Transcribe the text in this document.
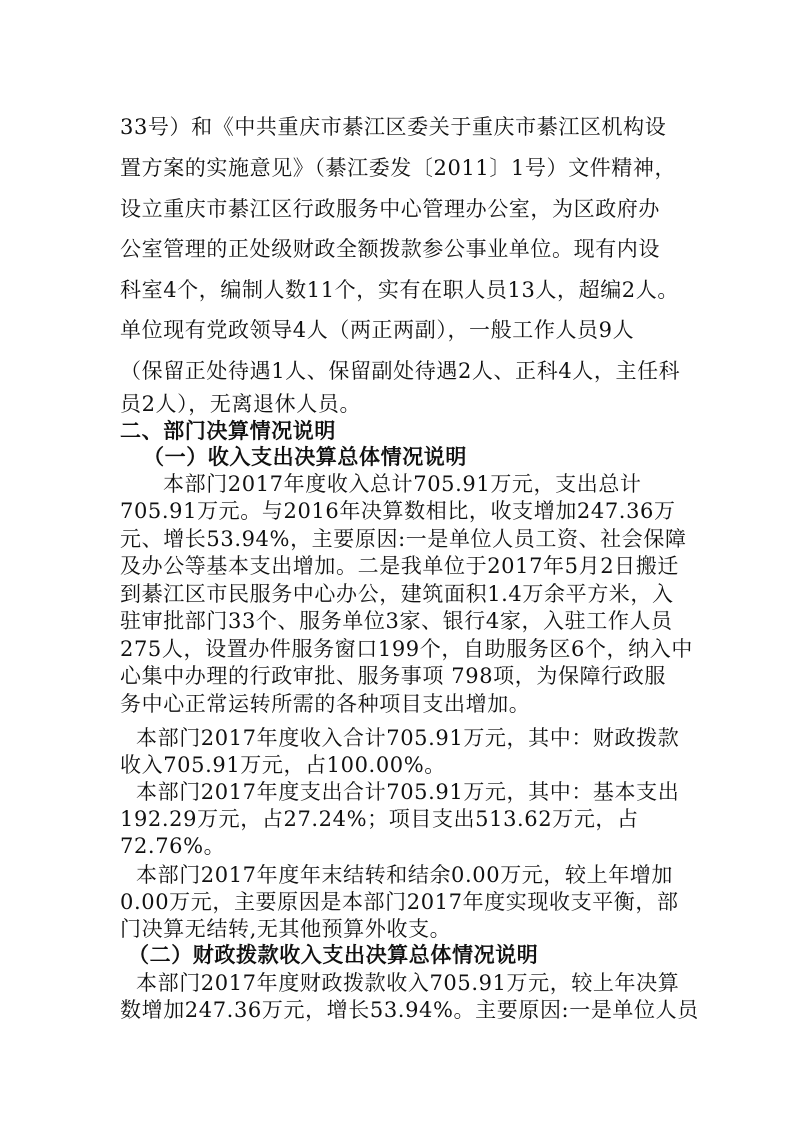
33号）和《中共重庆市綦江区委关于重庆市綦江区机构设
置方案的实施意见》（綦江委发〔2011〕1号）文件精神，
设立重庆市綦江区行政服务中心管理办公室，为区政府办
公室管理的正处级财政全额拨款参公事业单位。现有内设
科室4个，编制人数11个，实有在职人员13人，超编2人。
单位现有党政领导4人（两正两副），一般工作人员9人
（保留正处待遇1人、保留副处待遇2人、正科4人，主任科
员2人），无离退休人员。
二、部门决算情况说明
（一）收入支出决算总体情况说明
本部门2017年度收入总计705.91万元，支出总计
705.91万元。与2016年决算数相比，收支增加247.36万
元、增长53.94%，主要原因:一是单位人员工资、社会保障
及办公等基本支出增加。二是我单位于2017年5月2日搬迁
到綦江区市民服务中心办公，建筑面积1.4万余平方米，入
驻审批部门33个、服务单位3家、银行4家，入驻工作人员
275人，设置办件服务窗口199个，自助服务区6个，纳入中
心集中办理的行政审批、服务事项 798项，为保障行政服
务中心正常运转所需的各种项目支出增加。
本部门2017年度收入合计705.91万元，其中：财政拨款
收入705.91万元，占100.00%。
本部门2017年度支出合计705.91万元，其中：基本支出
192.29万元，占27.24%；项目支出513.62万元，占
72.76%。
本部门2017年度年末结转和结余0.00万元，较上年增加
0.00万元，主要原因是本部门2017年度实现收支平衡，部
门决算无结转,无其他预算外收支。
（二）财政拨款收入支出决算总体情况说明
本部门2017年度财政拨款收入705.91万元，较上年决算
数增加247.36万元，增长53.94%。主要原因:一是单位人员
